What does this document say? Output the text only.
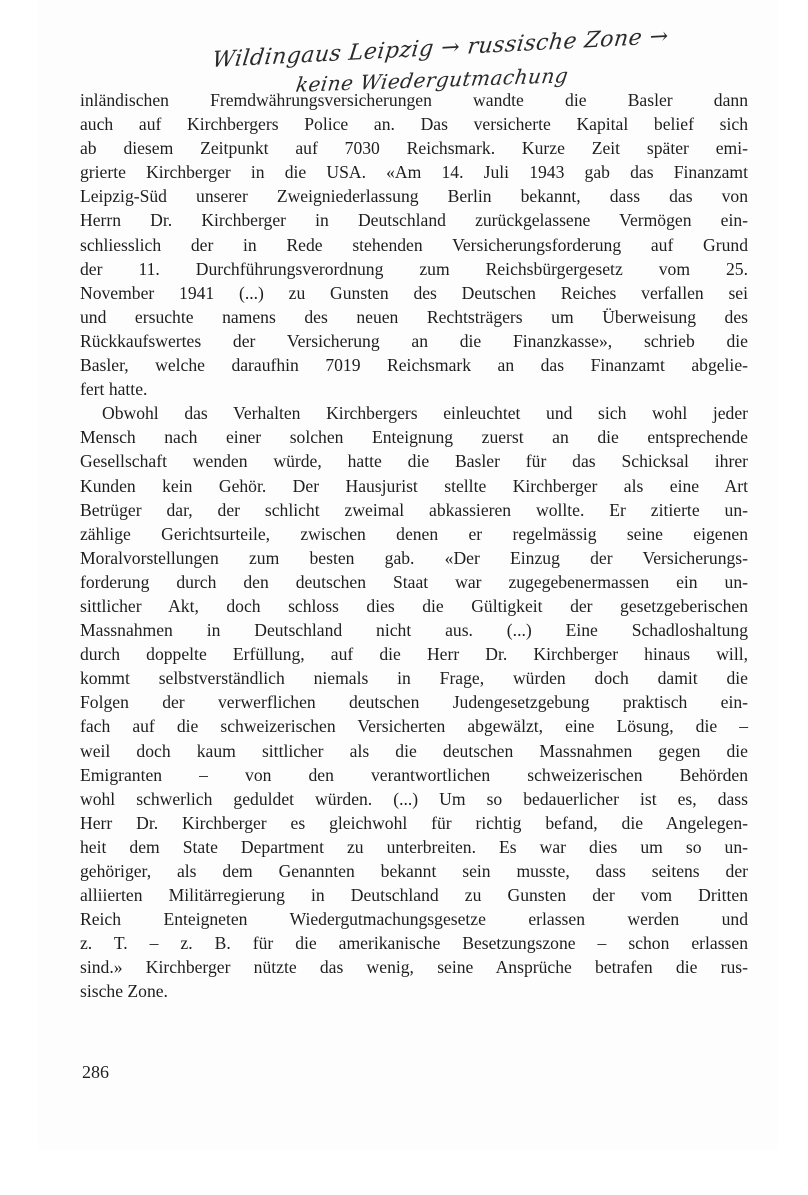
Wildingaus Leipzig → russische Zone →
keine Wiedergutmachung
inländischen Fremdwährungsversicherungen wandte die Basler dann
auch auf Kirchbergers Police an. Das versicherte Kapital belief sich
ab diesem Zeitpunkt auf 7030 Reichsmark. Kurze Zeit später emi-
grierte Kirchberger in die USA. «Am 14. Juli 1943 gab das Finanzamt
Leipzig-Süd unserer Zweigniederlassung Berlin bekannt, dass das von
Herrn Dr. Kirchberger in Deutschland zurückgelassene Vermögen ein-
schliesslich der in Rede stehenden Versicherungsforderung auf Grund
der 11. Durchführungsverordnung zum Reichsbürgergesetz vom 25.
November 1941 (...) zu Gunsten des Deutschen Reiches verfallen sei
und ersuchte namens des neuen Rechtsträgers um Überweisung des
Rückkaufswertes der Versicherung an die Finanzkasse», schrieb die
Basler, welche daraufhin 7019 Reichsmark an das Finanzamt abgelie-
fert hatte.
Obwohl das Verhalten Kirchbergers einleuchtet und sich wohl jeder
Mensch nach einer solchen Enteignung zuerst an die entsprechende
Gesellschaft wenden würde, hatte die Basler für das Schicksal ihrer
Kunden kein Gehör. Der Hausjurist stellte Kirchberger als eine Art
Betrüger dar, der schlicht zweimal abkassieren wollte. Er zitierte un-
zählige Gerichtsurteile, zwischen denen er regelmässig seine eigenen
Moralvorstellungen zum besten gab. «Der Einzug der Versicherungs-
forderung durch den deutschen Staat war zugegebenermassen ein un-
sittlicher Akt, doch schloss dies die Gültigkeit der gesetzgeberischen
Massnahmen in Deutschland nicht aus. (...) Eine Schadloshaltung
durch doppelte Erfüllung, auf die Herr Dr. Kirchberger hinaus will,
kommt selbstverständlich niemals in Frage, würden doch damit die
Folgen der verwerflichen deutschen Judengesetzgebung praktisch ein-
fach auf die schweizerischen Versicherten abgewälzt, eine Lösung, die –
weil doch kaum sittlicher als die deutschen Massnahmen gegen die
Emigranten – von den verantwortlichen schweizerischen Behörden
wohl schwerlich geduldet würden. (...) Um so bedauerlicher ist es, dass
Herr Dr. Kirchberger es gleichwohl für richtig befand, die Angelegen-
heit dem State Department zu unterbreiten. Es war dies um so un-
gehöriger, als dem Genannten bekannt sein musste, dass seitens der
alliierten Militärregierung in Deutschland zu Gunsten der vom Dritten
Reich Enteigneten Wiedergutmachungsgesetze erlassen werden und
z. T. – z. B. für die amerikanische Besetzungszone – schon erlassen
sind.» Kirchberger nützte das wenig, seine Ansprüche betrafen die rus-
sische Zone.
286
